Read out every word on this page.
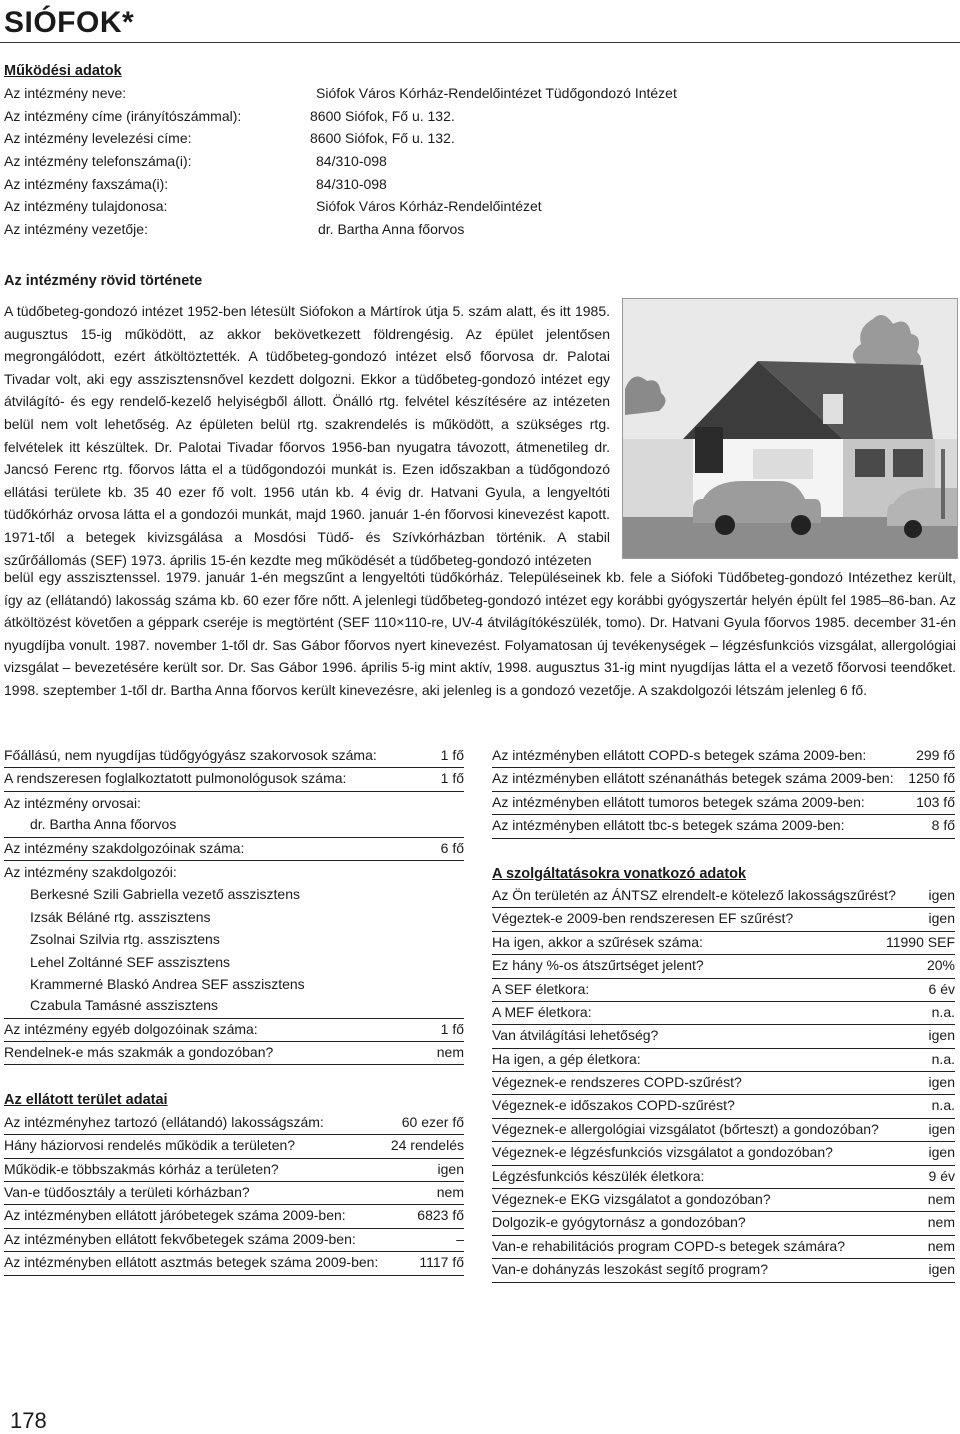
SIÓFOK*
Működési adatok
Az intézmény neve:	Siófok Város Kórház-Rendelőintézet Tüdőgondozó Intézet
Az intézmény címe (irányítószámmal):	8600 Siófok, Fő u. 132.
Az intézmény levelezési címe:	8600 Siófok, Fő u. 132.
Az intézmény telefonszáma(i):	84/310-098
Az intézmény faxszáma(i):	84/310-098
Az intézmény tulajdonosa:	Siófok Város Kórház-Rendelőintézet
Az intézmény vezetője:	dr. Bartha Anna főorvos
Az intézmény rövid története
A tüdőbeteg-gondozó intézet 1952-ben létesült Siófokon a Mártírok útja 5. szám alatt, és itt 1985. augusztus 15-ig működött, az akkor bekövetkezett földrengésig. Az épület jelentősen megrongálódott, ezért átköltöztették. A tüdőbeteg-gondozó intézet első főorvosa dr. Palotai Tivadar volt, aki egy asszisztensnővel kezdett dolgozni. Ekkor a tüdőbeteg-gondozó intézet egy átvilágító- és egy rendelő-kezelő helyiségből állott. Önálló rtg. felvétel készítésére az intézeten belül nem volt lehetőség. Az épületen belül rtg. szakrendelés is működött, a szükséges rtg. felvételek itt készültek. Dr. Palotai Tivadar főorvos 1956-ban nyugatra távozott, átmenetileg dr. Jancsó Ferenc rtg. főorvos látta el a tüdőgondozói munkát is. Ezen időszakban a tüdőgondozó ellátási területe kb. 35 40 ezer fő volt. 1956 után kb. 4 évig dr. Hatvani Gyula, a lengyeltóti tüdőkórház orvosa látta el a gondozói munkát, majd 1960. január 1-én főorvosi kinevezést kapott. 1971-től a betegek kivizsgálása a Mosdósi Tüdő- és Szívkórházban történik. A stabil szűrőállomás (SEF) 1973. április 15-én kezdte meg működését a tüdőbeteg-gondozó intézeten
belül egy asszisztenssel. 1979. január 1-én megszűnt a lengyeltóti tüdőkórház. Településeinek kb. fele a Siófoki Tüdőbeteg-gondozó Intézethez került, így az (ellátandó) lakosság száma kb. 60 ezer főre nőtt. A jelenlegi tüdőbeteg-gondozó intézet egy korábbi gyógyszertár helyén épült fel 1985–86-ban. Az átköltözést követően a géppark cseréje is megtörtént (SEF 110×110-re, UV-4 átvilágítókészülék, tomo). Dr. Hatvani Gyula főorvos 1985. december 31-én nyugdíjba vonult. 1987. november 1-től dr. Sas Gábor főorvos nyert kinevezést. Folyamatosan új tevékenységek – légzésfunkciós vizsgálat, allergológiai vizsgálat – bevezetésére került sor. Dr. Sas Gábor 1996. április 5-ig mint aktív, 1998. augusztus 31-ig mint nyugdíjas látta el a vezető főorvosi teendőket. 1998. szeptember 1-től dr. Bartha Anna főorvos került kinevezésre, aki jelenleg is a gondozó vezetője. A szakdolgozói létszám jelenleg 6 fő.
Főállású, nem nyugdíjas tüdőgyógyász szakorvosok száma:	1 fő
A rendszeresen foglalkoztatott pulmonológusok száma:	1 fő
Az intézmény orvosai:
dr. Bartha Anna főorvos
Az intézmény szakdolgozóinak száma:	6 fő
Az intézmény szakdolgozói:
Berkesné Szili Gabriella vezető asszisztens
Izsák Béláné rtg. asszisztens
Zsolnai Szilvia rtg. asszisztens
Lehel Zoltánné SEF asszisztens
Krammerné Blaskó Andrea SEF asszisztens
Czabula Tamásné asszisztens
Az intézmény egyéb dolgozóinak száma:	1 fő
Rendelnek-e más szakmák a gondozóban?	nem
Az ellátott terület adatai
Az intézményhez tartozó (ellátandó) lakosságszám:	60 ezer fő
Hány háziorvosi rendelés működik a területen?	24 rendelés
Működik-e többszakmás kórház a területen?	igen
Van-e tüdőosztály a területi kórházban?	nem
Az intézményben ellátott járóbetegek száma 2009-ben:	6823 fő
Az intézményben ellátott fekvőbetegek száma 2009-ben:	–
Az intézményben ellátott asztmás betegek száma 2009-ben:	1117 fő
Az intézményben ellátott COPD-s betegek száma 2009-ben:	299 fő
Az intézményben ellátott szénanáthás betegek száma 2009-ben: 1250 fő
Az intézményben ellátott tumoros betegek száma 2009-ben:	103 fő
Az intézményben ellátott tbc-s betegek száma 2009-ben:	8 fő
A szolgáltatásokra vonatkozó adatok
Az Ön területén az ÁNTSZ elrendelt-e kötelező lakosságszűrést? igen
Végeztek-e 2009-ben rendszeresen EF szűrést?	igen
Ha igen, akkor a szűrések száma:	11990 SEF
Ez hány %-os átszűrtséget jelent?	20%
A SEF életkora:	6 év
A MEF életkora:	n.a.
Van átvilágítási lehetőség?	igen
Ha igen, a gép életkora:	n.a.
Végeznek-e rendszeres COPD-szűrést?	igen
Végeznek-e időszakos COPD-szűrést?	n.a.
Végeznek-e allergológiai vizsgálatot (bőrteszt) a gondozóban?	igen
Végeznek-e légzésfunkciós vizsgálatot a gondozóban?	igen
Légzésfunkciós készülék életkora:	9 év
Végeznek-e EKG vizsgálatot a gondozóban?	nem
Dolgozik-e gyógytornász a gondozóban?	nem
Van-e rehabilitációs program COPD-s betegek számára?	nem
Van-e dohányzás leszokást segítő program?	igen
178
